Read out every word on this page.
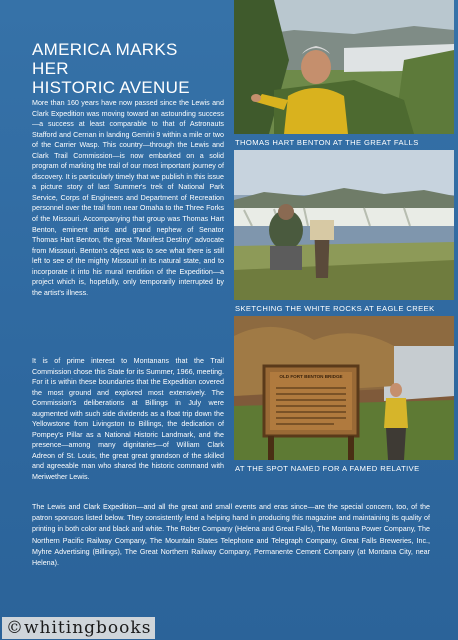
AMERICA MARKS
HER
HISTORIC AVENUE
More than 160 years have now passed since the Lewis and Clark Expedition was moving toward an astounding success—a success at least comparable to that of Astronauts Stafford and Cernan in landing Gemini 9 within a mile or two of the Carrier Wasp. This country—through the Lewis and Clark Trail Commission—is now embarked on a solid program of marking the trail of our most important journey of discovery. It is particularly timely that we publish in this issue a picture story of last Summer's trek of National Park Service, Corps of Engineers and Department of Recreation personnel over the trail from near Omaha to the Three Forks of the Missouri. Accompanying that group was Thomas Hart Benton, eminent artist and grand nephew of Senator Thomas Hart Benton, the great "Manifest Destiny" advocate from Missouri. Benton's object was to see what there is still left to see of the mighty Missouri in its natural state, and to incorporate it into his mural rendition of the Expedition—a project which is, hopefully, only temporarily interrupted by the artist's illness.
It is of prime interest to Montanans that the Trail Commission chose this State for its Summer, 1966, meeting. For it is within these boundaries that the Expedition covered the most ground and explored most extensively. The Commission's deliberations at Billings in July were augmented with such side dividends as a float trip down the Yellowstone from Livingston to Billings, the dedication of Pompey's Pillar as a National Historic Landmark, and the presence—among many dignitaries—of William Clark Adreon of St. Louis, the great great grandson of the skilled and agreeable man who shared the historic command with Meriwether Lewis.
THOMAS HART BENTON AT THE GREAT FALLS
SKETCHING THE WHITE ROCKS AT EAGLE CREEK
OLD FORT BENTON BRIDGE
AT THE SPOT NAMED FOR A FAMED RELATIVE
The Lewis and Clark Expedition—and all the great and small events and eras since—are the special concern, too, of the patron sponsors listed below. They consistently lend a helping hand in producing this magazine and maintaining its quality of printing in both color and black and white. The Rober Company (Helena and Great Falls), The Montana Power Company, The Northern Pacific Railway Company, The Mountain States Telephone and Telegraph Company, Great Falls Breweries, Inc., Myhre Advertising (Billings), The Great Northern Railway Company, Permanente Cement Company (at Montana City, near Helena).
©whitingbooks
